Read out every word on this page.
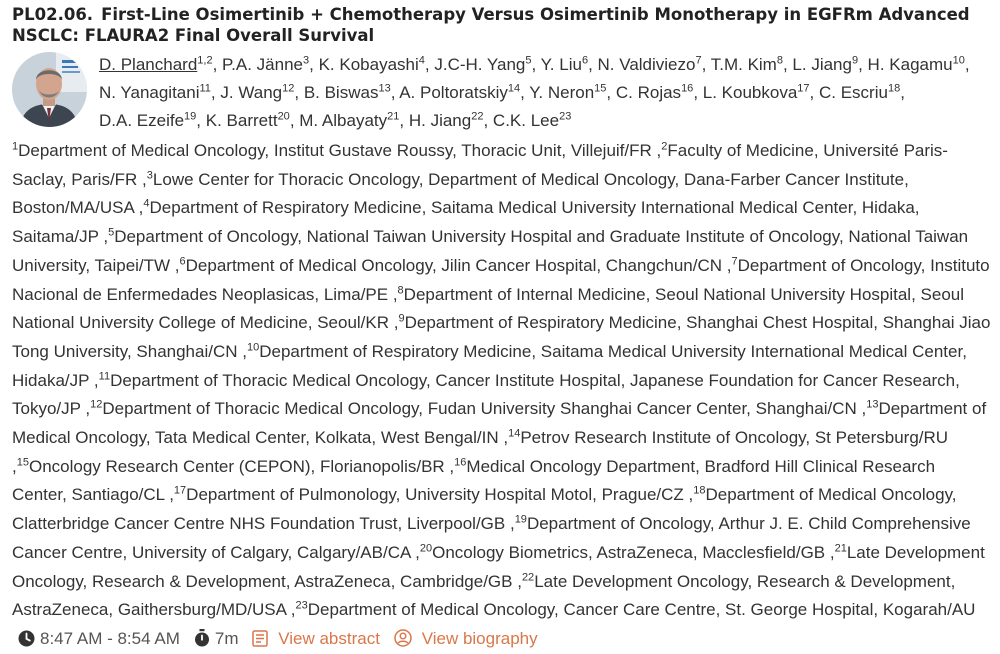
PL02.06. First-Line Osimertinib + Chemotherapy Versus Osimertinib Monotherapy in EGFRm Advanced NSCLC: FLAURA2 Final Overall Survival
D. Planchard$^{1,2}$, P.A. Jänne$^3$, K. Kobayashi$^4$, J.C-H. Yang$^5$, Y. Liu$^6$, N. Valdiviezo$^7$, T.M. Kim$^8$, L. Jiang$^9$, H. Kagamu$^{10}$, N. Yanagitani$^{11}$, J. Wang$^{12}$, B. Biswas$^{13}$, A. Poltoratskiy$^{14}$, Y. Neron$^{15}$, C. Rojas$^{16}$, L. Koubkova$^{17}$, C. Escriu$^{18}$, D.A. Ezeife$^{19}$, K. Barrett$^{20}$, M. Albayaty$^{21}$, H. Jiang$^{22}$, C.K. Lee$^{23}$
$^1$Department of Medical Oncology, Institut Gustave Roussy, Thoracic Unit, Villejuif/FR ,$^2$Faculty of Medicine, Université Paris-Saclay, Paris/FR ,$^3$Lowe Center for Thoracic Oncology, Department of Medical Oncology, Dana-Farber Cancer Institute, Boston/MA/USA ,$^4$Department of Respiratory Medicine, Saitama Medical University International Medical Center, Hidaka, Saitama/JP ,$^5$Department of Oncology, National Taiwan University Hospital and Graduate Institute of Oncology, National Taiwan University, Taipei/TW ,$^6$Department of Medical Oncology, Jilin Cancer Hospital, Changchun/CN ,$^7$Department of Oncology, Instituto Nacional de Enfermedades Neoplasicas, Lima/PE ,$^8$Department of Internal Medicine, Seoul National University Hospital, Seoul National University College of Medicine, Seoul/KR ,$^9$Department of Respiratory Medicine, Shanghai Chest Hospital, Shanghai Jiao Tong University, Shanghai/CN ,$^{10}$Department of Respiratory Medicine, Saitama Medical University International Medical Center, Hidaka/JP ,$^{11}$Department of Thoracic Medical Oncology, Cancer Institute Hospital, Japanese Foundation for Cancer Research, Tokyo/JP ,$^{12}$Department of Thoracic Medical Oncology, Fudan University Shanghai Cancer Center, Shanghai/CN ,$^{13}$Department of Medical Oncology, Tata Medical Center, Kolkata, West Bengal/IN ,$^{14}$Petrov Research Institute of Oncology, St Petersburg/RU ,$^{15}$Oncology Research Center (CEPON), Florianopolis/BR ,$^{16}$Medical Oncology Department, Bradford Hill Clinical Research Center, Santiago/CL ,$^{17}$Department of Pulmonology, University Hospital Motol, Prague/CZ ,$^{18}$Department of Medical Oncology, Clatterbridge Cancer Centre NHS Foundation Trust, Liverpool/GB ,$^{19}$Department of Oncology, Arthur J. E. Child Comprehensive Cancer Centre, University of Calgary, Calgary/AB/CA ,$^{20}$Oncology Biometrics, AstraZeneca, Macclesfield/GB ,$^{21}$Late Development Oncology, Research & Development, AstraZeneca, Cambridge/GB ,$^{22}$Late Development Oncology, Research & Development, AstraZeneca, Gaithersburg/MD/USA ,$^{23}$Department of Medical Oncology, Cancer Care Centre, St. George Hospital, Kogarah/AU8:47 AM - 8:54 AM 7m View abstract View biography
